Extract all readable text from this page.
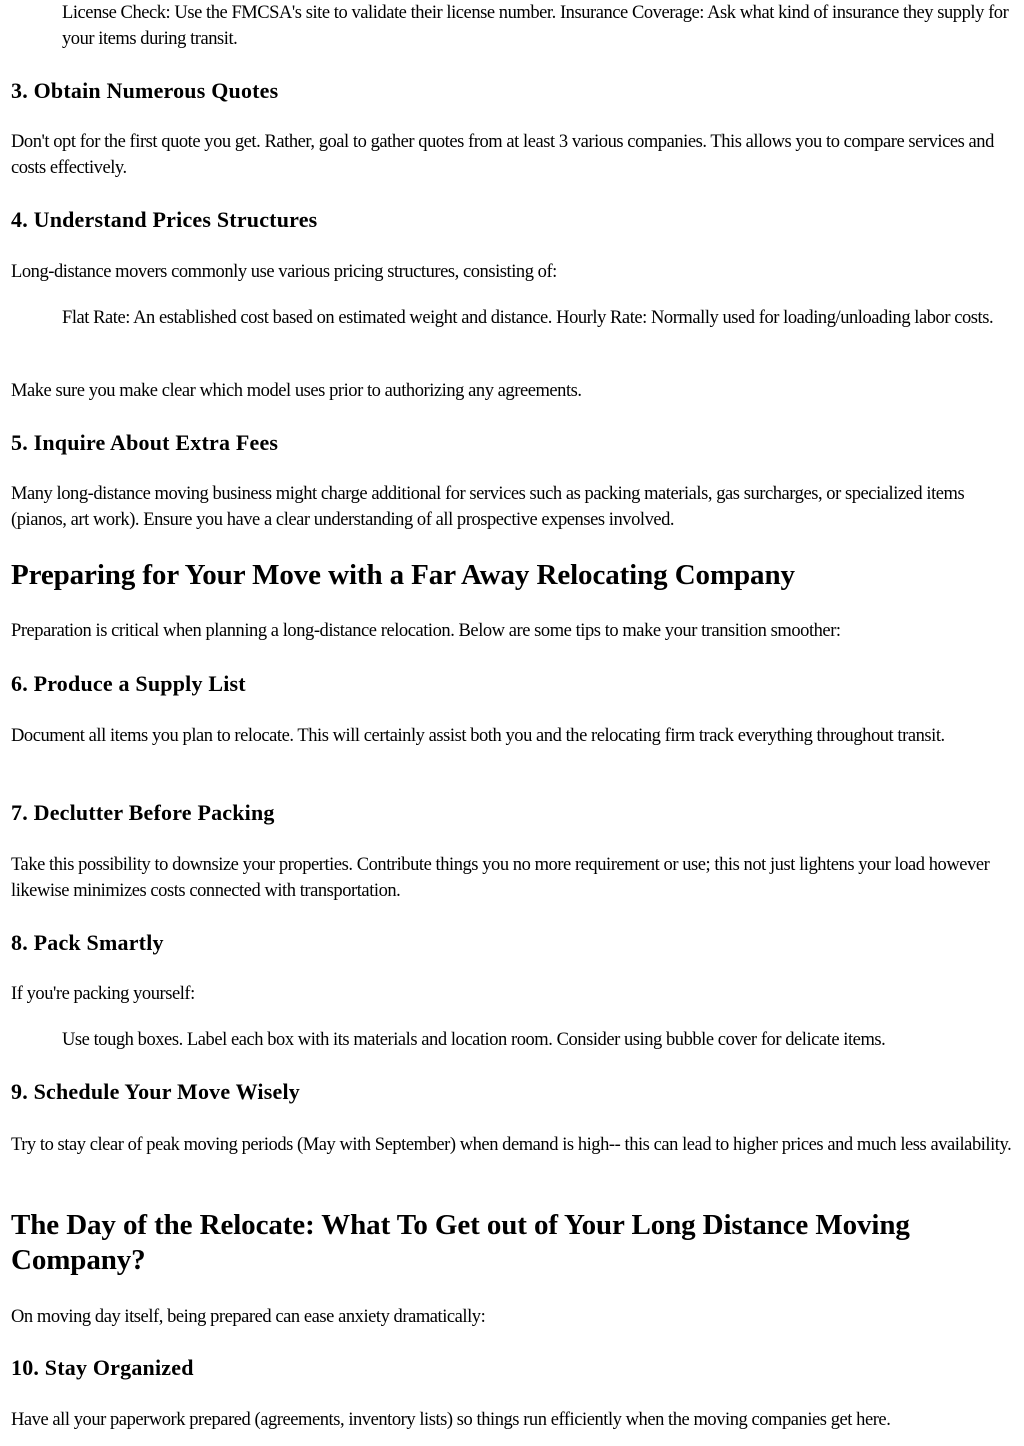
License Check: Use the FMCSA's site to validate their license number. Insurance Coverage: Ask what kind of insurance they supply for your items during transit.
3. Obtain Numerous Quotes

Don't opt for the first quote you get. Rather, goal to gather quotes from at least 3 various companies. This allows you to compare services and costs effectively.

4. Understand Prices Structures

Long-distance movers commonly use various pricing structures, consisting of:

Flat Rate: An established cost based on estimated weight and distance. Hourly Rate: Normally used for loading/unloading labor costs.

Make sure you make clear which model uses prior to authorizing any agreements.

5. Inquire About Extra Fees

Many long-distance moving business might charge additional for services such as packing materials, gas surcharges, or specialized items (pianos, art work). Ensure you have a clear understanding of all prospective expenses involved.

Preparing for Your Move with a Far Away Relocating Company

Preparation is critical when planning a long-distance relocation. Below are some tips to make your transition smoother:

6. Produce a Supply List

Document all items you plan to relocate. This will certainly assist both you and the relocating firm track everything throughout transit.

7. Declutter Before Packing

Take this possibility to downsize your properties. Contribute things you no more requirement or use; this not just lightens your load however likewise minimizes costs connected with transportation.

8. Pack Smartly

If you're packing yourself:

Use tough boxes. Label each box with its materials and location room. Consider using bubble cover for delicate items.
9. Schedule Your Move Wisely

Try to stay clear of peak moving periods (May with September) when demand is high-- this can lead to higher prices and much less availability.

The Day of the Relocate: What To Get out of Your Long Distance Moving Company?

On moving day itself, being prepared can ease anxiety dramatically:

10. Stay Organized

Have all your paperwork prepared (agreements, inventory lists) so things run efficiently when the moving companies get here.
